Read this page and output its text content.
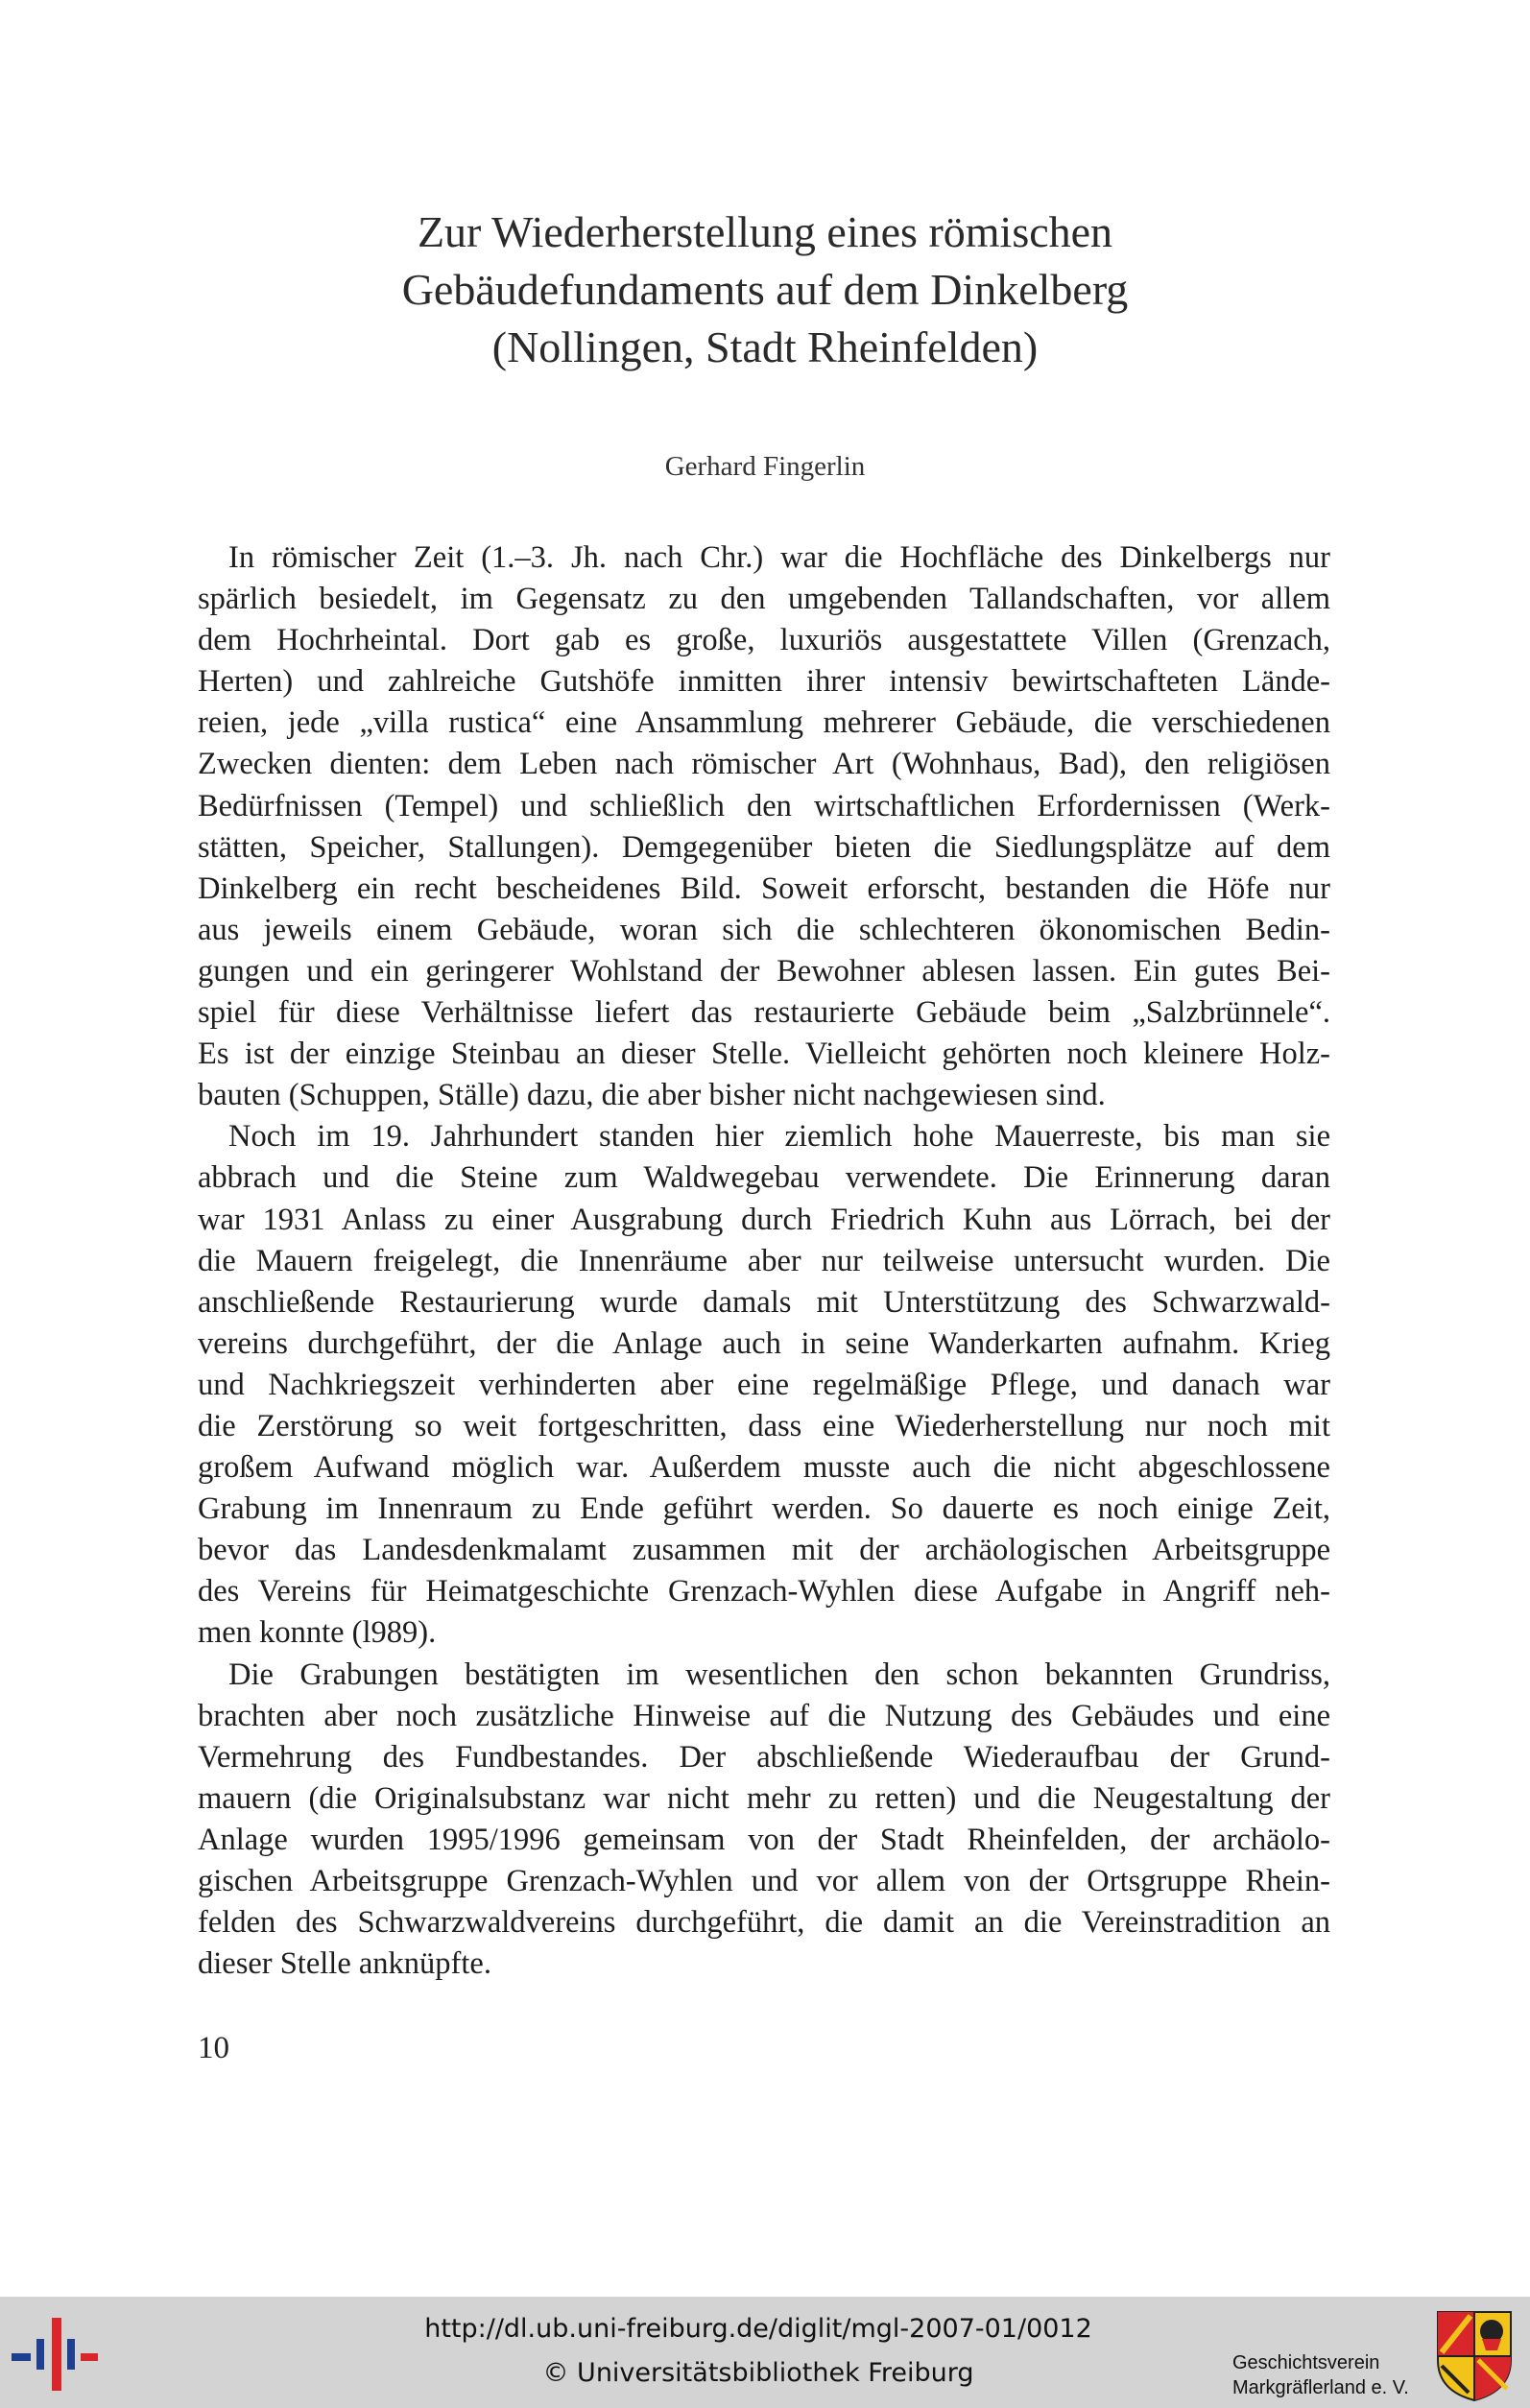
Zur Wiederherstellung eines römischen
Gebäudefundaments auf dem Dinkelberg
(Nollingen, Stadt Rheinfelden)
Gerhard Fingerlin

In römischer Zeit (1.–3. Jh. nach Chr.) war die Hochfläche des Dinkelbergs nur
spärlich besiedelt, im Gegensatz zu den umgebenden Tallandschaften, vor allem
dem Hochrheintal. Dort gab es große, luxuriös ausgestattete Villen (Grenzach,
Herten) und zahlreiche Gutshöfe inmitten ihrer intensiv bewirtschafteten Lände-
reien, jede „villa rustica“ eine Ansammlung mehrerer Gebäude, die verschiedenen
Zwecken dienten: dem Leben nach römischer Art (Wohnhaus, Bad), den religiösen
Bedürfnissen (Tempel) und schließlich den wirtschaftlichen Erfordernissen (Werk-
stätten, Speicher, Stallungen). Demgegenüber bieten die Siedlungsplätze auf dem
Dinkelberg ein recht bescheidenes Bild. Soweit erforscht, bestanden die Höfe nur
aus jeweils einem Gebäude, woran sich die schlechteren ökonomischen Bedin-
gungen und ein geringerer Wohlstand der Bewohner ablesen lassen. Ein gutes Bei-
spiel für diese Verhältnisse liefert das restaurierte Gebäude beim „Salzbrünnele“.
Es ist der einzige Steinbau an dieser Stelle. Vielleicht gehörten noch kleinere Holz-
bauten (Schuppen, Ställe) dazu, die aber bisher nicht nachgewiesen sind.

Noch im 19. Jahrhundert standen hier ziemlich hohe Mauerreste, bis man sie
abbrach und die Steine zum Waldwegebau verwendete. Die Erinnerung daran
war 1931 Anlass zu einer Ausgrabung durch Friedrich Kuhn aus Lörrach, bei der
die Mauern freigelegt, die Innenräume aber nur teilweise untersucht wurden. Die
anschließende Restaurierung wurde damals mit Unterstützung des Schwarzwald-
vereins durchgeführt, der die Anlage auch in seine Wanderkarten aufnahm. Krieg
und Nachkriegszeit verhinderten aber eine regelmäßige Pflege, und danach war
die Zerstörung so weit fortgeschritten, dass eine Wiederherstellung nur noch mit
großem Aufwand möglich war. Außerdem musste auch die nicht abgeschlossene
Grabung im Innenraum zu Ende geführt werden. So dauerte es noch einige Zeit,
bevor das Landesdenkmalamt zusammen mit der archäologischen Arbeitsgruppe
des Vereins für Heimatgeschichte Grenzach-Wyhlen diese Aufgabe in Angriff neh-
men konnte (l989).

Die Grabungen bestätigten im wesentlichen den schon bekannten Grundriss,
brachten aber noch zusätzliche Hinweise auf die Nutzung des Gebäudes und eine
Vermehrung des Fundbestandes. Der abschließende Wiederaufbau der Grund-
mauern (die Originalsubstanz war nicht mehr zu retten) und die Neugestaltung der
Anlage wurden 1995/1996 gemeinsam von der Stadt Rheinfelden, der archäolo-
gischen Arbeitsgruppe Grenzach-Wyhlen und vor allem von der Ortsgruppe Rhein-
felden des Schwarzwaldvereins durchgeführt, die damit an die Vereinstradition an
dieser Stelle anknüpfte.

10
http://dl.ub.uni-freiburg.de/diglit/mgl-2007-01/0012
© Universitätsbibliothek Freiburg	Geschichtsverein
Markgräflerland e. V.
